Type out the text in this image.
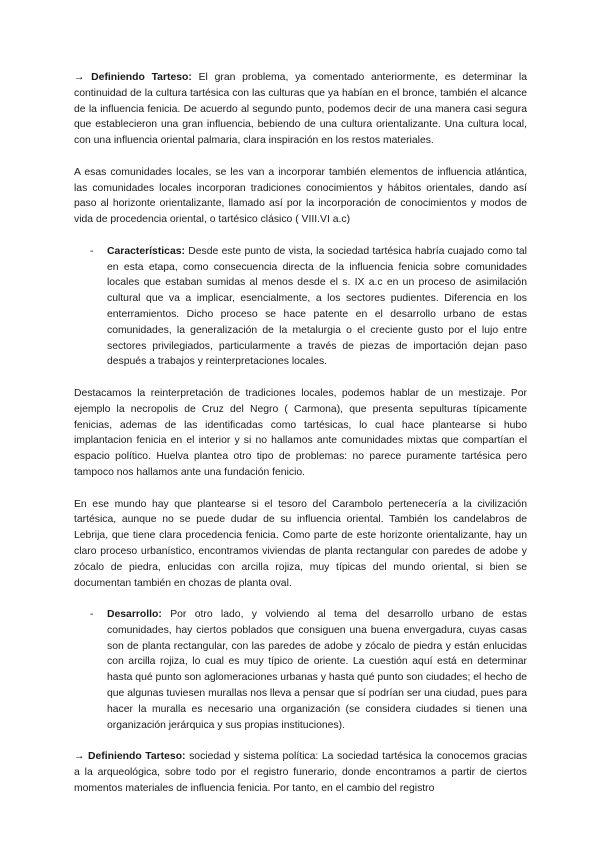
→ Definiendo Tarteso: El gran problema, ya comentado anteriormente, es determinar la continuidad de la cultura tartésica con las culturas que ya habían en el bronce, también el alcance de la influencia fenicia. De acuerdo al segundo punto, podemos decir de una manera casi segura que establecieron una gran influencia, bebiendo de una cultura orientalizante. Una cultura local, con una influencia oriental palmaria, clara inspiración en los restos materiales.

A esas comunidades locales, se les van a incorporar también elementos de influencia atlántica, las comunidades locales incorporan tradiciones conocimientos y hábitos orientales, dando así paso al horizonte orientalizante, llamado así por la incorporación de conocimientos y modos de vida de procedencia oriental, o tartésico clásico ( VIII.VI a.c)

- Características: Desde este punto de vista, la sociedad tartésica habría cuajado como tal en esta etapa, como consecuencia directa de la influencia fenicia sobre comunidades locales que estaban sumidas al menos desde el s. IX a.c en un proceso de asimilación cultural que va a implicar, esencialmente, a los sectores pudientes. Diferencia en los enterramientos. Dicho proceso se hace patente en el desarrollo urbano de estas comunidades, la generalización de la metalurgia o el creciente gusto por el lujo entre sectores privilegiados, particularmente a través de piezas de importación dejan paso después a trabajos y reinterpretaciones locales.

Destacamos la reinterpretación de tradiciones locales, podemos hablar de un mestizaje. Por ejemplo la necropolis de Cruz del Negro ( Carmona), que presenta sepulturas típicamente fenicias, ademas de las identificadas como tartésicas, lo cual hace plantearse si hubo implantacion fenicia en el interior y si no hallamos ante comunidades mixtas que compartían el espacio político. Huelva plantea otro tipo de problemas: no parece puramente tartésica pero tampoco nos hallamos ante una fundación fenicio.

En ese mundo hay que plantearse si el tesoro del Carambolo pertenecería a la civilización tartésica, aunque no se puede dudar de su influencia oriental. También los candelabros de Lebrija, que tiene clara procedencia fenicia. Como parte de este horizonte orientalizante, hay un claro proceso urbanístico, encontramos viviendas de planta rectangular con paredes de adobe y zócalo de piedra, enlucidas con arcilla rojiza, muy típicas del mundo oriental, si bien se documentan también en chozas de planta oval.

- Desarrollo: Por otro lado, y volviendo al tema del desarrollo urbano de estas comunidades, hay ciertos poblados que consiguen una buena envergadura, cuyas casas son de planta rectangular, con las paredes de adobe y zócalo de piedra y están enlucidas con arcilla rojiza, lo cual es muy típico de oriente. La cuestión aquí está en determinar hasta qué punto son aglomeraciones urbanas y hasta qué punto son ciudades; el hecho de que algunas tuviesen murallas nos lleva a pensar que sí podrían ser una ciudad, pues para hacer la muralla es necesario una organización (se considera ciudades si tienen una organización jerárquica y sus propias instituciones).

→ Definiendo Tarteso: sociedad y sistema política: La sociedad tartésica la conocemos gracias a la arqueológica, sobre todo por el registro funerario, donde encontramos a partir de ciertos momentos materiales de influencia fenicia. Por tanto, en el cambio del registro
